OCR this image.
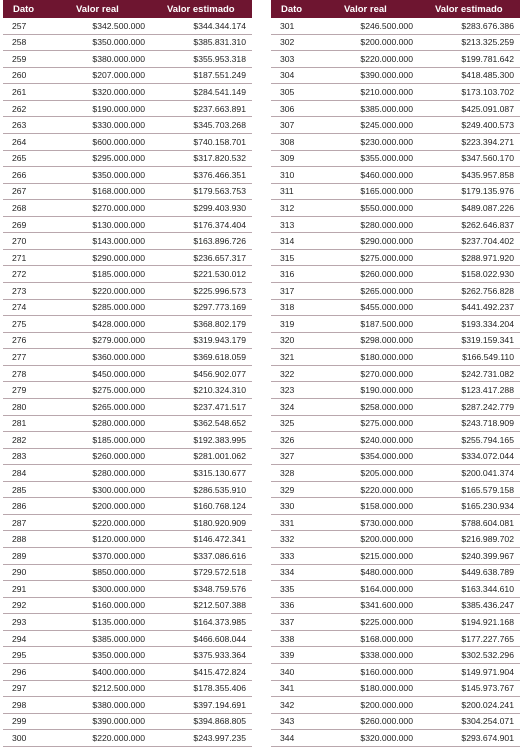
Dato	Valor real	Valor estimado
257	$342.500.000	$344.344.174
258	$350.000.000	$385.831.310
259	$380.000.000	$355.953.318
260	$207.000.000	$187.551.249
261	$320.000.000	$284.541.149
262	$190.000.000	$237.663.891
263	$330.000.000	$345.703.268
264	$600.000.000	$740.158.701
265	$295.000.000	$317.820.532
266	$350.000.000	$376.466.351
267	$168.000.000	$179.563.753
268	$270.000.000	$299.403.930
269	$130.000.000	$176.374.404
270	$143.000.000	$163.896.726
271	$290.000.000	$236.657.317
272	$185.000.000	$221.530.012
273	$220.000.000	$225.996.573
274	$285.000.000	$297.773.169
275	$428.000.000	$368.802.179
276	$279.000.000	$319.943.179
277	$360.000.000	$369.618.059
278	$450.000.000	$456.902.077
279	$275.000.000	$210.324.310
280	$265.000.000	$237.471.517
281	$280.000.000	$362.548.652
282	$185.000.000	$192.383.995
283	$260.000.000	$281.001.062
284	$280.000.000	$315.130.677
285	$300.000.000	$286.535.910
286	$200.000.000	$160.768.124
287	$220.000.000	$180.920.909
288	$120.000.000	$146.472.341
289	$370.000.000	$337.086.616
290	$850.000.000	$729.572.518
291	$300.000.000	$348.759.576
292	$160.000.000	$212.507.388
293	$135.000.000	$164.373.985
294	$385.000.000	$466.608.044
295	$350.000.000	$375.933.364
296	$400.000.000	$415.472.824
297	$212.500.000	$178.355.406
298	$380.000.000	$397.194.691
299	$390.000.000	$394.868.805
300	$220.000.000	$243.997.235
Dato	Valor real	Valor estimado
301	$246.500.000	$283.676.386
302	$200.000.000	$213.325.259
303	$220.000.000	$199.781.642
304	$390.000.000	$418.485.300
305	$210.000.000	$173.103.702
306	$385.000.000	$425.091.087
307	$245.000.000	$249.400.573
308	$230.000.000	$223.394.271
309	$355.000.000	$347.560.170
310	$460.000.000	$435.957.858
311	$165.000.000	$179.135.976
312	$550.000.000	$489.087.226
313	$280.000.000	$262.646.837
314	$290.000.000	$237.704.402
315	$275.000.000	$288.971.920
316	$260.000.000	$158.022.930
317	$265.000.000	$262.756.828
318	$455.000.000	$441.492.237
319	$187.500.000	$193.334.204
320	$298.000.000	$319.159.341
321	$180.000.000	$166.549.110
322	$270.000.000	$242.731.082
323	$190.000.000	$123.417.288
324	$258.000.000	$287.242.779
325	$275.000.000	$243.718.909
326	$240.000.000	$255.794.165
327	$354.000.000	$334.072.044
328	$205.000.000	$200.041.374
329	$220.000.000	$165.579.158
330	$158.000.000	$165.230.934
331	$730.000.000	$788.604.081
332	$200.000.000	$216.989.702
333	$215.000.000	$240.399.967
334	$480.000.000	$449.638.789
335	$164.000.000	$163.344.610
336	$341.600.000	$385.436.247
337	$225.000.000	$194.921.168
338	$168.000.000	$177.227.765
339	$338.000.000	$302.532.296
340	$160.000.000	$149.971.904
341	$180.000.000	$145.973.767
342	$200.000.000	$200.024.241
343	$260.000.000	$304.254.071
344	$320.000.000	$293.674.901
